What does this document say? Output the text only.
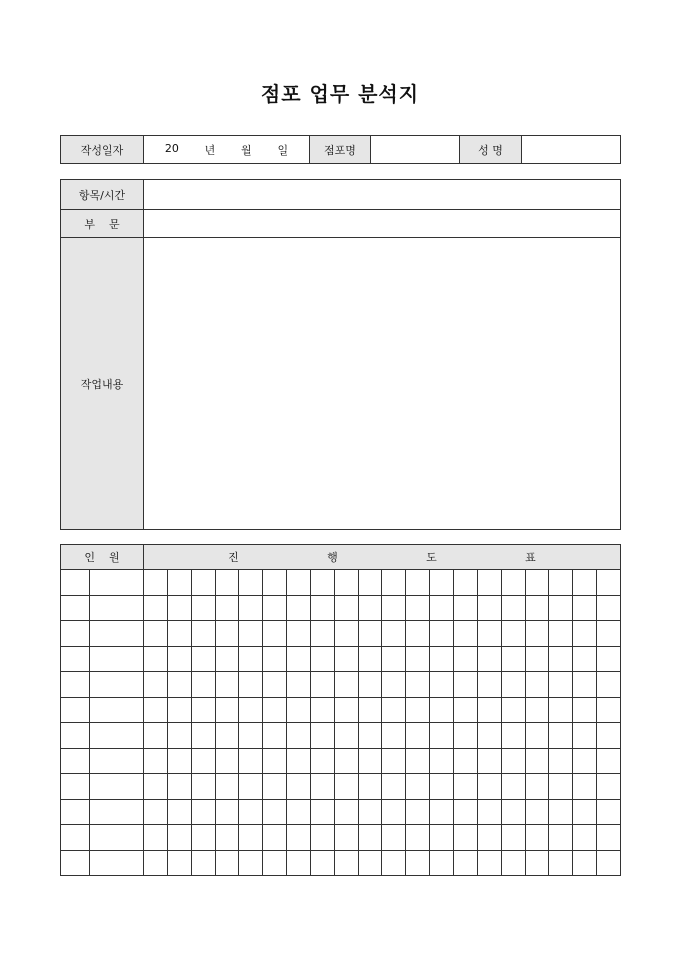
점포 업무 분석지
작성일자	20 년 월 일	점포명		성 명	
항목/시간	
부    문	
작업내용	
인    원		진 행 도 표																			
